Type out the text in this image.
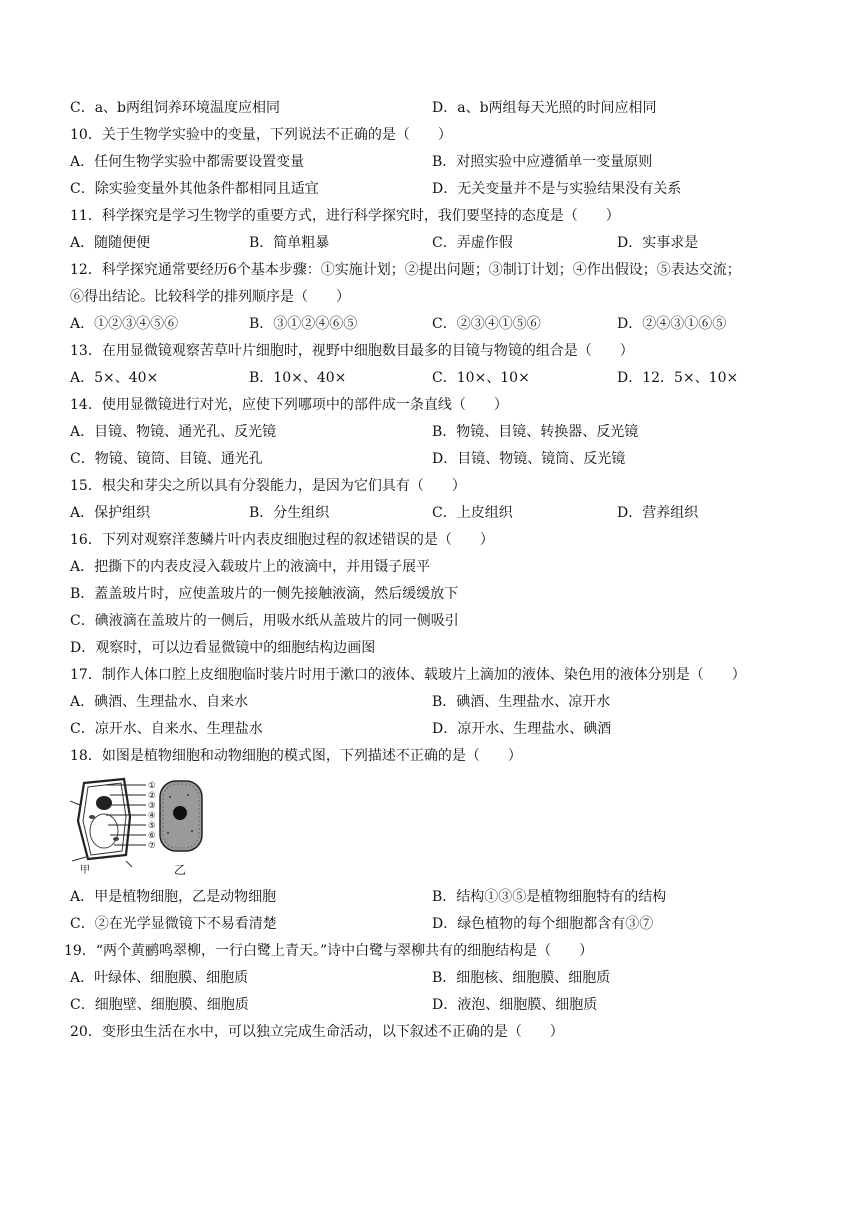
C．a、b两组饲养环境温度应相同	D．a、b两组每天光照的时间应相同
10．关于生物学实验中的变量，下列说法不正确的是（　　）
A．任何生物学实验中都需要设置变量	B．对照实验中应遵循单一变量原则
C．除实验变量外其他条件都相同且适宜	D．无关变量并不是与实验结果没有关系
11．科学探究是学习生物学的重要方式，进行科学探究时，我们要坚持的态度是（　　）
A．随随便便	B．简单粗暴	C．弄虚作假	D．实事求是
12．科学探究通常要经历6个基本步骤：①实施计划；②提出问题；③制订计划；④作出假设；⑤表达交流；
⑥得出结论。比较科学的排列顺序是（　　）
A．①②③④⑤⑥	B．③①②④⑥⑤	C．②③④①⑤⑥	D．②④③①⑥⑤
13．在用显微镜观察苦草叶片细胞时，视野中细胞数目最多的目镜与物镜的组合是（　　）
A．5×、40×	B．10×、40×	C．10×、10×	D．12．5×、10×
14．使用显微镜进行对光，应使下列哪项中的部件成一条直线（　　）
A．目镜、物镜、通光孔、反光镜	B．物镜、目镜、转换器、反光镜
C．物镜、镜筒、目镜、通光孔	D．目镜、物镜、镜筒、反光镜
15．根尖和芽尖之所以具有分裂能力，是因为它们具有（　　）
A．保护组织	B．分生组织	C．上皮组织	D．营养组织
16．下列对观察洋葱鳞片叶内表皮细胞过程的叙述错误的是（　　）
A．把撕下的内表皮浸入载玻片上的液滴中，并用镊子展平
B．蓋盖玻片时，应使盖玻片的一侧先接触液滴，然后缓缓放下
C．碘液滴在盖玻片的一侧后，用吸水纸从盖玻片的同一侧吸引
D．观察时，可以边看显微镜中的细胞结构边画图
17．制作人体口腔上皮细胞临时装片时用于漱口的液体、载玻片上滴加的液体、染色用的液体分别是（　　）
A．碘酒、生理盐水、自来水	B．碘酒、生理盐水、凉开水
C．凉开水、自来水、生理盐水	D．凉开水、生理盐水、碘酒
18．如图是植物细胞和动物细胞的模式图，下列描述不正确的是（　　）
①
②
③
④
⑤
⑥
⑦
甲	乙
A．甲是植物细胞，乙是动物细胞	B．结构①③⑤是植物细胞特有的结构
C．②在光学显微镜下不易看清楚	D．绿色植物的每个细胞都含有③⑦
19．“两个黄鹂鸣翠柳，一行白鹭上青天。”诗中白鹭与翠柳共有的细胞结构是（　　）
A．叶绿体、细胞膜、细胞质	B．细胞核、细胞膜、细胞质
C．细胞壁、细胞膜、细胞质	D．液泡、细胞膜、细胞质
20．变形虫生活在水中，可以独立完成生命活动，以下叙述不正确的是（　　）
